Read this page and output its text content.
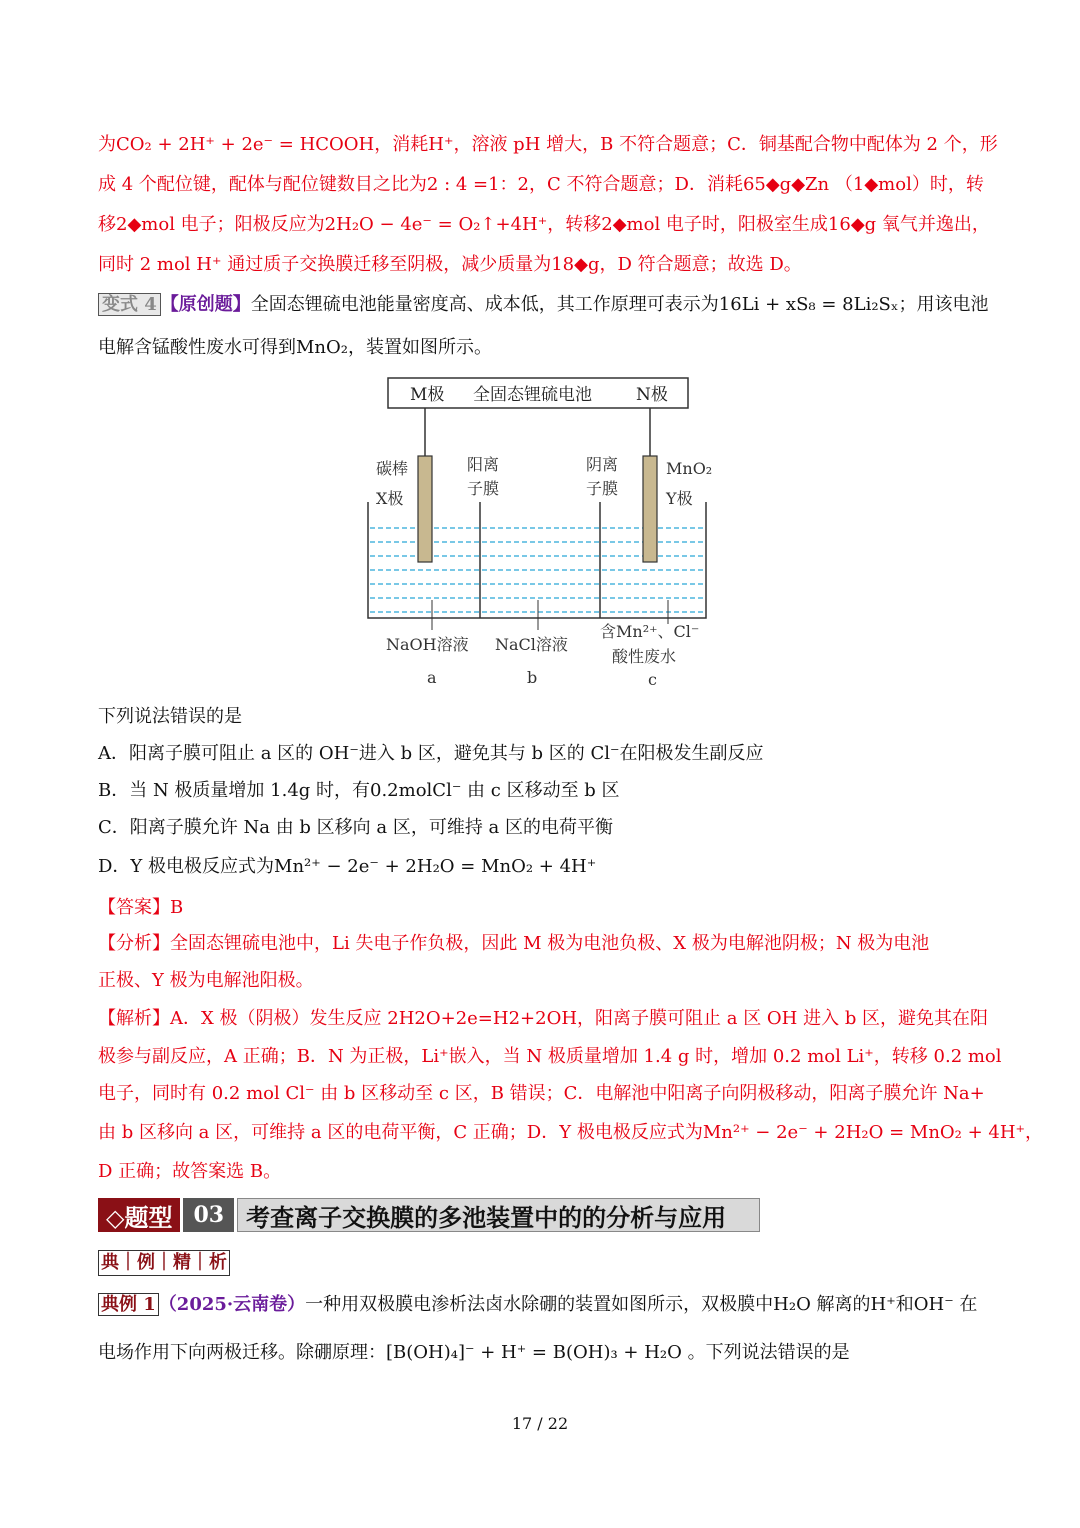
为CO₂ + 2H⁺ + 2e⁻ = HCOOH，消耗H⁺，溶液 pH 增大，B 不符合题意；C．铜基配合物中配体为 2 个，形
成 4 个配位键，配体与配位键数目之比为2 : 4 =1：2，C 不符合题意；D．消耗65◆g◆Zn （1◆mol）时，转
移2◆mol 电子；阳极反应为2H₂O − 4e⁻ = O₂↑+4H⁺，转移2◆mol 电子时，阳极室生成16◆g 氧气并逸出，
同时 2 mol H⁺ 通过质子交换膜迁移至阴极，减少质量为18◆g，D 符合题意；故选 D。
变式 4 【原创题】全固态锂硫电池能量密度高、成本低，其工作原理可表示为16Li + xS₈ = 8Li₂Sₓ；用该电池
电解含锰酸性废水可得到MnO₂，装置如图所示。
M极 全固态锂硫电池	N极
碳棒
X极
阳离
子膜
阴离
子膜
MnO₂
Y极
NaOH溶液 NaCl溶液
含Mn²⁺、Cl⁻
酸性废水
a	b	c
下列说法错误的是
A．阳离子膜可阻止 a 区的 OH⁻进入 b 区，避免其与 b 区的 Cl⁻在阳极发生副反应
B．当 N 极质量增加 1.4g 时，有0.2molCl⁻ 由 c 区移动至 b 区
C．阳离子膜允许 Na 由 b 区移向 a 区，可维持 a 区的电荷平衡
D．Y 极电极反应式为Mn²⁺ − 2e⁻ + 2H₂O = MnO₂ + 4H⁺
【答案】B
【分析】全固态锂硫电池中，Li 失电子作负极，因此 M 极为电池负极、X 极为电解池阴极；N 极为电池
正极、Y 极为电解池阳极。
【解析】A．X 极（阴极）发生反应 2H2O+2e=H2+2OH，阳离子膜可阻止 a 区 OH 进入 b 区，避免其在阳
极参与副反应，A 正确；B．N 为正极，Li⁺嵌入，当 N 极质量增加 1.4 g 时，增加 0.2 mol Li⁺，转移 0.2 mol
电子，同时有 0.2 mol Cl⁻ 由 b 区移动至 c 区，B 错误；C．电解池中阳离子向阴极移动，阳离子膜允许 Na+
由 b 区移向 a 区，可维持 a 区的电荷平衡，C 正确；D．Y 极电极反应式为Mn²⁺ − 2e⁻ + 2H₂O = MnO₂ + 4H⁺，
D 正确；故答案选 B。
◇题型 03 考查离子交换膜的多池装置中的的分析与应用
典｜例｜精｜析
典例 1 （2025·云南卷）一种用双极膜电渗析法卤水除硼的装置如图所示，双极膜中H₂O 解离的H⁺和OH⁻ 在
电场作用下向两极迁移。除硼原理：[B(OH)₄]⁻ + H⁺ = B(OH)₃ + H₂O 。下列说法错误的是
17 / 22
